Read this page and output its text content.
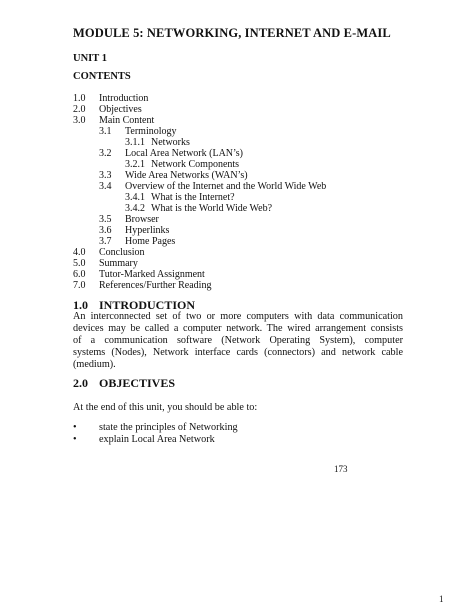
MODULE 5: NETWORKING, INTERNET AND E-MAIL
UNIT 1
CONTENTS
1.0 Introduction
2.0 Objectives
3.0 Main Content
3.1 Terminology
3.1.1 Networks
3.2 Local Area Network (LAN’s)
3.2.1 Network Components
3.3 Wide Area Networks (WAN’s)
3.4 Overview of the Internet and the World Wide Web
3.4.1 What is the Internet?
3.4.2 What is the World Wide Web?
3.5 Browser
3.6 Hyperlinks
3.7 Home Pages
4.0 Conclusion
5.0 Summary
6.0 Tutor-Marked Assignment
7.0 References/Further Reading
1.0 INTRODUCTION
An interconnected set of two or more computers with data communication
devices may be called a computer network. The wired arrangement consists
of a communication software (Network Operating System), computer
systems (Nodes), Network interface cards (connectors) and network cable
(medium).
2.0 OBJECTIVES
At the end of this unit, you should be able to:
• state the principles of Networking
• explain Local Area Network
173
1
